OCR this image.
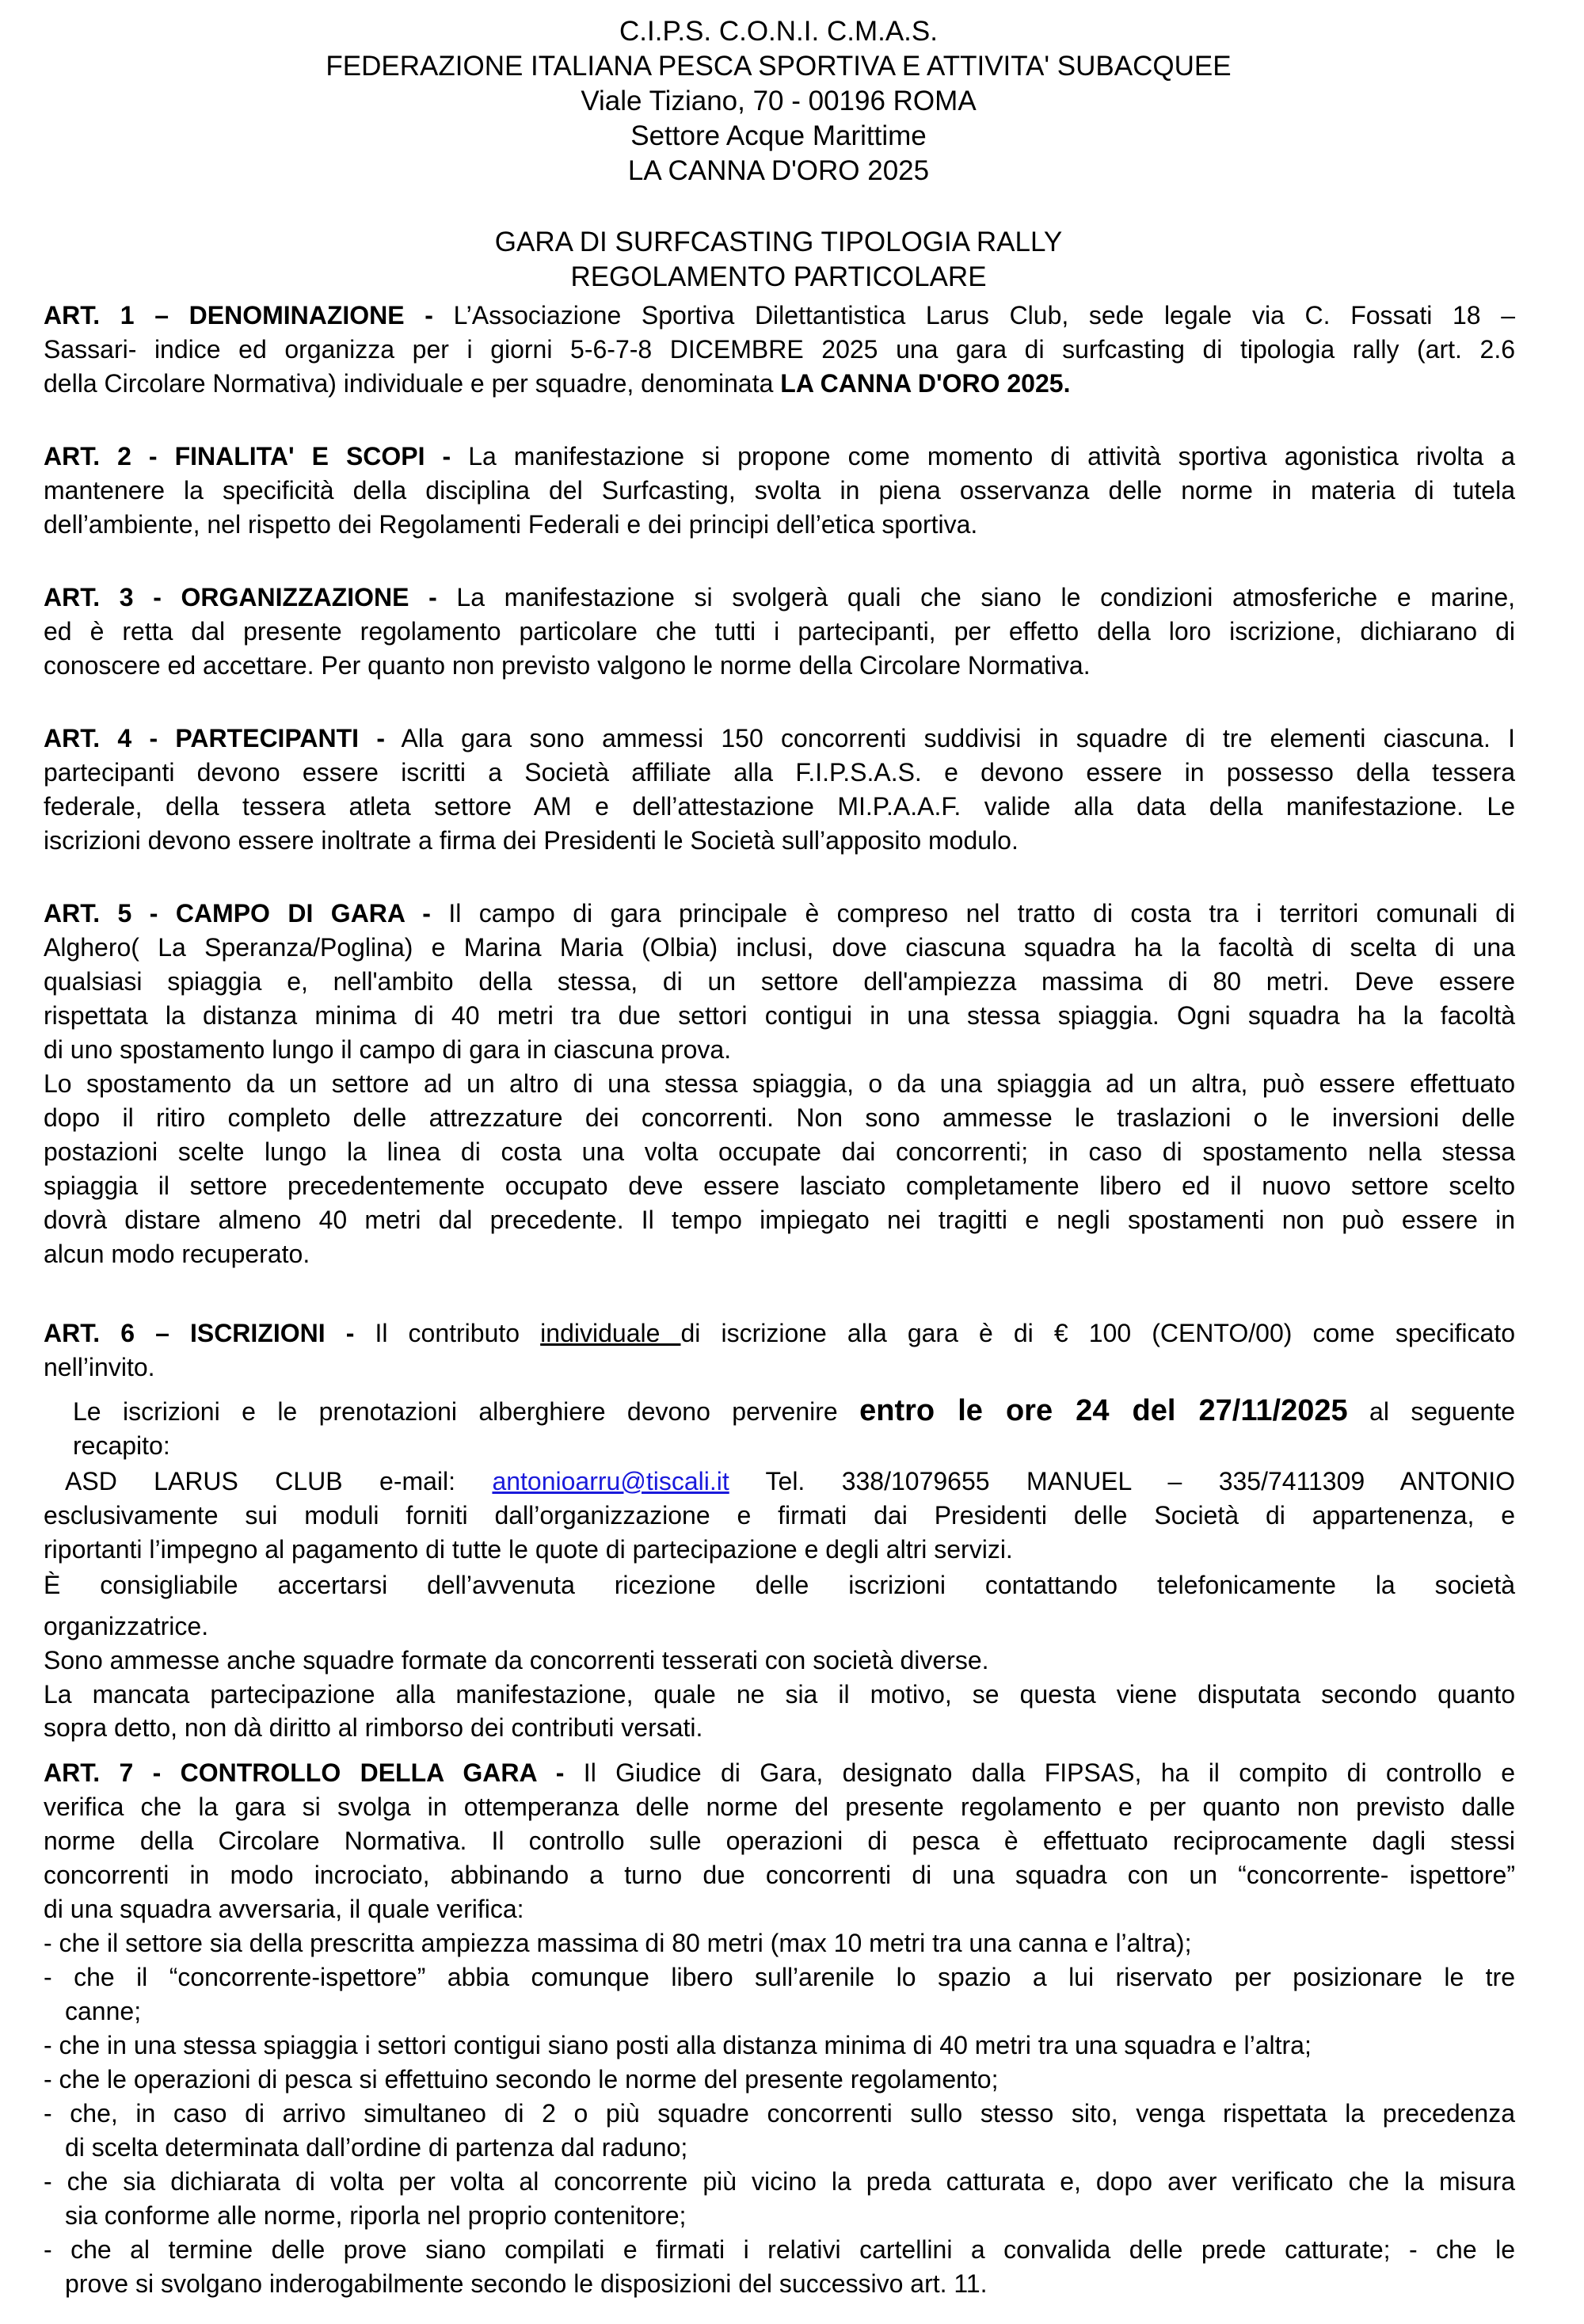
C.I.P.S. C.O.N.I. C.M.A.S.
FEDERAZIONE ITALIANA PESCA SPORTIVA E ATTIVITA' SUBACQUEE
Viale Tiziano, 70 - 00196 ROMA
Settore Acque Marittime
LA CANNA D'ORO 2025
GARA DI SURFCASTING TIPOLOGIA RALLY
REGOLAMENTO PARTICOLARE
ART. 1 – DENOMINAZIONE - L’Associazione Sportiva Dilettantistica Larus Club, sede legale via C. Fossati 18 –
Sassari- indice ed organizza per i giorni 5-6-7-8 DICEMBRE 2025 una gara di surfcasting di tipologia rally (art. 2.6
della Circolare Normativa) individuale e per squadre, denominata LA CANNA D'ORO 2025.
ART. 2 - FINALITA' E SCOPI - La manifestazione si propone come momento di attività sportiva agonistica rivolta a
mantenere la specificità della disciplina del Surfcasting, svolta in piena osservanza delle norme in materia di tutela
dell’ambiente, nel rispetto dei Regolamenti Federali e dei principi dell’etica sportiva.
ART. 3 - ORGANIZZAZIONE - La manifestazione si svolgerà quali che siano le condizioni atmosferiche e marine,
ed è retta dal presente regolamento particolare che tutti i partecipanti, per effetto della loro iscrizione, dichiarano di
conoscere ed accettare. Per quanto non previsto valgono le norme della Circolare Normativa.
ART. 4 - PARTECIPANTI - Alla gara sono ammessi 150 concorrenti suddivisi in squadre di tre elementi ciascuna. I
partecipanti devono essere iscritti a Società affiliate alla F.I.P.S.A.S. e devono essere in possesso della tessera
federale, della tessera atleta settore AM e dell’attestazione MI.P.A.A.F. valide alla data della manifestazione. Le
iscrizioni devono essere inoltrate a firma dei Presidenti le Società sull’apposito modulo.
ART. 5 - CAMPO DI GARA - Il campo di gara principale è compreso nel tratto di costa tra i territori comunali di
Alghero( La Speranza/Poglina) e Marina Maria (Olbia) inclusi, dove ciascuna squadra ha la facoltà di scelta di una
qualsiasi spiaggia e, nell'ambito della stessa, di un settore dell'ampiezza massima di 80 metri. Deve essere
rispettata la distanza minima di 40 metri tra due settori contigui in una stessa spiaggia. Ogni squadra ha la facoltà
di uno spostamento lungo il campo di gara in ciascuna prova.
Lo spostamento da un settore ad un altro di una stessa spiaggia, o da una spiaggia ad un altra, può essere effettuato
dopo il ritiro completo delle attrezzature dei concorrenti. Non sono ammesse le traslazioni o le inversioni delle
postazioni scelte lungo la linea di costa una volta occupate dai concorrenti; in caso di spostamento nella stessa
spiaggia il settore precedentemente occupato deve essere lasciato completamente libero ed il nuovo settore scelto
dovrà distare almeno 40 metri dal precedente. Il tempo impiegato nei tragitti e negli spostamenti non può essere in
alcun modo recuperato.
ART. 6 – ISCRIZIONI - Il contributo individuale di iscrizione alla gara è di € 100 (CENTO/00) come specificato
nell’invito.
Le iscrizioni e le prenotazioni alberghiere devono pervenire entro le ore 24 del 27/11/2025 al seguente
recapito:
ASD LARUS CLUB e-mail: antonioarru@tiscali.it Tel. 338/1079655 MANUEL – 335/7411309 ANTONIO
esclusivamente sui moduli forniti dall’organizzazione e firmati dai Presidenti delle Società di appartenenza, e
riportanti l’impegno al pagamento di tutte le quote di partecipazione e degli altri servizi.
È consigliabile accertarsi dell’avvenuta ricezione delle iscrizioni contattando telefonicamente la società
organizzatrice.
Sono ammesse anche squadre formate da concorrenti tesserati con società diverse.
La mancata partecipazione alla manifestazione, quale ne sia il motivo, se questa viene disputata secondo quanto
sopra detto, non dà diritto al rimborso dei contributi versati.
ART. 7 - CONTROLLO DELLA GARA - Il Giudice di Gara, designato dalla FIPSAS, ha il compito di controllo e
verifica che la gara si svolga in ottemperanza delle norme del presente regolamento e per quanto non previsto dalle
norme della Circolare Normativa. Il controllo sulle operazioni di pesca è effettuato reciprocamente dagli stessi
concorrenti in modo incrociato, abbinando a turno due concorrenti di una squadra con un “concorrente- ispettore”
di una squadra avversaria, il quale verifica:
- che il settore sia della prescritta ampiezza massima di 80 metri (max 10 metri tra una canna e l’altra);
- che il “concorrente-ispettore” abbia comunque libero sull’arenile lo spazio a lui riservato per posizionare le tre
canne;
- che in una stessa spiaggia i settori contigui siano posti alla distanza minima di 40 metri tra una squadra e l’altra;
- che le operazioni di pesca si effettuino secondo le norme del presente regolamento;
- che, in caso di arrivo simultaneo di 2 o più squadre concorrenti sullo stesso sito, venga rispettata la precedenza
di scelta determinata dall’ordine di partenza dal raduno;
- che sia dichiarata di volta per volta al concorrente più vicino la preda catturata e, dopo aver verificato che la misura
sia conforme alle norme, riporla nel proprio contenitore;
- che al termine delle prove siano compilati e firmati i relativi cartellini a convalida delle prede catturate; - che le
prove si svolgano inderogabilmente secondo le disposizioni del successivo art. 11.
